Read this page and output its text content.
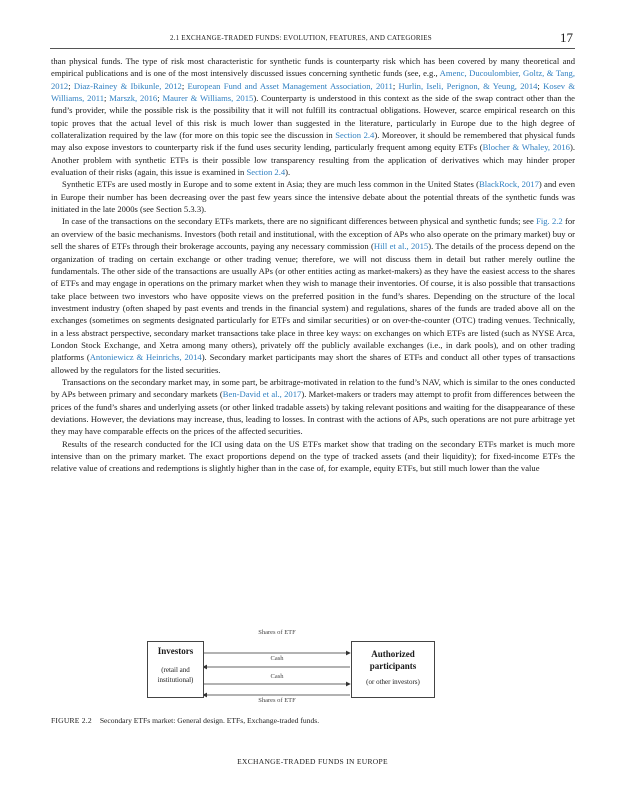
2.1 EXCHANGE-TRADED FUNDS: EVOLUTION, FEATURES, AND CATEGORIES	17

than physical funds. The type of risk most characteristic for synthetic funds is counterparty risk which has been covered by many theoretical and empirical publications and is one of the most intensively discussed issues concerning synthetic funds (see, e.g., Amenc, Ducoulombier, Goltz, & Tang, 2012; Diaz-Rainey & Ibikunle, 2012; European Fund and Asset Management Association, 2011; Hurlin, Iseli, Perignon, & Yeung, 2014; Kosev & Williams, 2011; Marszk, 2016; Maurer & Williams, 2015). Counterparty is understood in this context as the side of the swap contract other than the fund’s provider, while the possible risk is the possibility that it will not fulfill its contractual obligations. However, scarce empirical research on this topic proves that the actual level of this risk is much lower than suggested in the literature, particularly in Europe due to the high degree of collateralization required by the law (for more on this topic see the discussion in Section 2.4). Moreover, it should be remembered that physical funds may also expose investors to counterparty risk if the fund uses security lending, particularly frequent among equity ETFs (Blocher & Whaley, 2016). Another problem with synthetic ETFs is their possible low transparency resulting from the application of derivatives which may hinder proper evaluation of their risks (again, this issue is examined in Section 2.4).

Synthetic ETFs are used mostly in Europe and to some extent in Asia; they are much less common in the United States (BlackRock, 2017) and even in Europe their number has been decreasing over the past few years since the intensive debate about the potential threats of the synthetic funds was initiated in the late 2000s (see Section 5.3.3).

In case of the transactions on the secondary ETFs markets, there are no significant differences between physical and synthetic funds; see Fig. 2.2 for an overview of the basic mechanisms. Investors (both retail and institutional, with the exception of APs who also operate on the primary market) buy or sell the shares of ETFs through their brokerage accounts, paying any necessary commission (Hill et al., 2015). The details of the process depend on the organization of trading on certain exchange or other trading venue; therefore, we will not discuss them in detail but rather merely outline the fundamentals. The other side of the transactions are usually APs (or other entities acting as market-makers) as they have the easiest access to the shares of ETFs and may engage in operations on the primary market when they wish to manage their inventories. Of course, it is also possible that transactions take place between two investors who have opposite views on the preferred position in the fund’s shares. Depending on the structure of the local investment industry (often shaped by past events and trends in the financial system) and regulations, shares of the funds are traded above all on the exchanges (sometimes on segments designated particularly for ETFs and similar securities) or on over-the-counter (OTC) trading venues. Technically, in a less abstract perspective, secondary market transactions take place in three key ways: on exchanges on which ETFs are listed (such as NYSE Arca, London Stock Exchange, and Xetra among many others), privately off the publicly available exchanges (i.e., in dark pools), and on other trading platforms (Antoniewicz & Heinrichs, 2014). Secondary market participants may short the shares of ETFs and conduct all other types of transactions allowed by the regulators for the listed securities.

Transactions on the secondary market may, in some part, be arbitrage-motivated in relation to the fund’s NAV, which is similar to the ones conducted by APs between primary and secondary markets (Ben-David et al., 2017). Market-makers or traders may attempt to profit from differences between the prices of the fund’s shares and underlying assets (or other linked tradable assets) by taking relevant positions and waiting for the disappearance of these deviations. However, the deviations may increase, thus, leading to losses. In contrast with the actions of APs, such operations are not pure arbitrage yet they may have comparable effects on the prices of the affected securities.

Results of the research conducted for the ICI using data on the US ETFs market show that trading on the secondary ETFs market is much more intensive than on the primary market. The exact proportions depend on the type of tracked assets (and their liquidity); for fixed-income ETFs the relative value of creations and redemptions is slightly higher than in the case of, for example, equity ETFs, but still much lower than the value

Shares of ETF
Cash
Cash
Shares of ETF
Investors
(retail and institutional)
Authorized participants
(or other investors)
FIGURE 2.2 Secondary ETFs market: General design. ETFs, Exchange-traded funds.
EXCHANGE-TRADED FUNDS IN EUROPE
